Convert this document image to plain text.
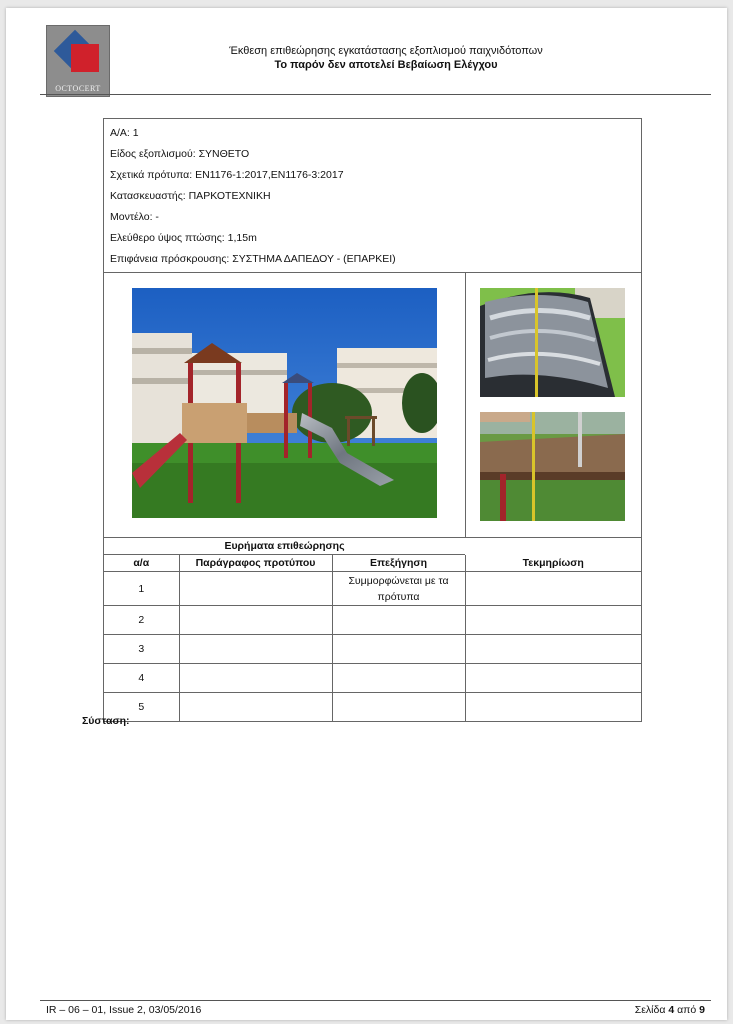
OCTOCERT
Έκθεση επιθεώρησης εγκατάστασης εξοπλισμού παιχνιδότοπων
Το παρόν δεν αποτελεί Βεβαίωση Ελέγχου
Α/Α: 1
Είδος εξοπλισμού: ΣΥΝΘΕΤΟ
Σχετικά πρότυπα: EN1176-1:2017,EN1176-3:2017
Κατασκευαστής: ΠΑΡΚΟΤΕΧΝΙΚΗ
Μοντέλο: -
Ελεύθερο ύψος πτώσης: 1,15m
Επιφάνεια πρόσκρουσης: ΣΥΣΤΗΜΑ ΔΑΠΕΔΟΥ - (ΕΠΑΡΚΕΙ)
Ευρήματα επιθεώρησης
α/α	Παράγραφος προτύπου	Επεξήγηση	Τεκμηρίωση
1		Συμμορφώνεται με τα πρότυπα	
2			
3			
4			
5			
Σύσταση:
IR – 06 – 01, Issue 2, 03/05/2016	Σελίδα 4 από 9
